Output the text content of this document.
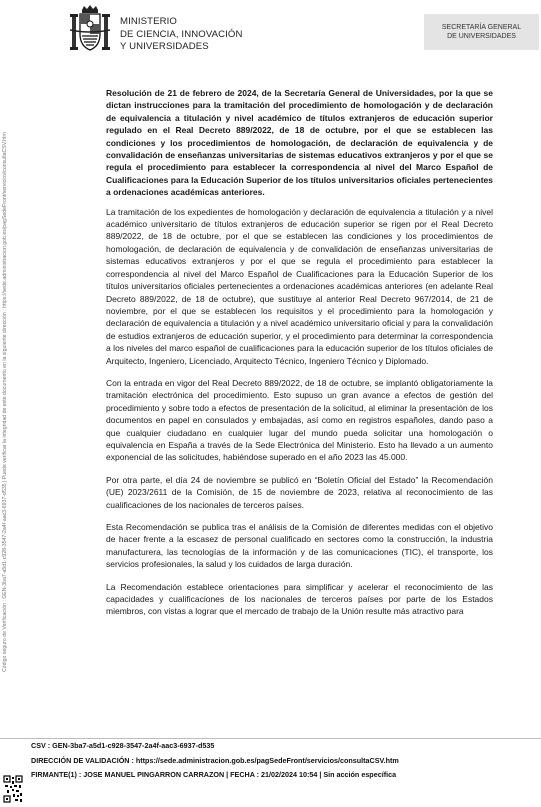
Código seguro de Verificación : GEN-3ba7-a5d1-c928-3547-2a4f-aac3-6937-d535 | Puede verificar la integridad de este documento en la siguiente dirección : https://sede.administracion.gob.es/pagSedeFront/servicios/consultaCSV.htm
MINISTERIO
DE CIENCIA, INNOVACIÓN
Y UNIVERSIDADES
SECRETARÍA GENERAL
DE UNIVERSIDADES

Resolución de 21 de febrero de 2024, de la Secretaría General de Universidades, por la que se dictan instrucciones para la tramitación del procedimiento de homologación y de declaración de equivalencia a titulación y nivel académico de títulos extranjeros de educación superior regulado en el Real Decreto 889/2022, de 18 de octubre, por el que se establecen las condiciones y los procedimientos de homologación, de declaración de equivalencia y de convalidación de enseñanzas universitarias de sistemas educativos extranjeros y por el que se regula el procedimiento para establecer la correspondencia al nivel del Marco Español de Cualificaciones para la Educación Superior de los títulos universitarios oficiales pertenecientes a ordenaciones académicas anteriores.

La tramitación de los expedientes de homologación y declaración de equivalencia a titulación y a nivel académico universitario de títulos extranjeros de educación superior se rigen por el Real Decreto 889/2022, de 18 de octubre, por el que se establecen las condiciones y los procedimientos de homologación, de declaración de equivalencia y de convalidación de enseñanzas universitarias de sistemas educativos extranjeros y por el que se regula el procedimiento para establecer la correspondencia al nivel del Marco Español de Cualificaciones para la Educación Superior de los títulos universitarios oficiales pertenecientes a ordenaciones académicas anteriores (en adelante Real Decreto 889/2022, de 18 de octubre), que sustituye al anterior Real Decreto 967/2014, de 21 de noviembre, por el que se establecen los requisitos y el procedimiento para la homologación y declaración de equivalencia a titulación y a nivel académico universitario oficial y para la convalidación de estudios extranjeros de educación superior, y el procedimiento para determinar la correspondencia a los niveles del marco español de cualificaciones para la educación superior de los títulos oficiales de Arquitecto, Ingeniero, Licenciado, Arquitecto Técnico, Ingeniero Técnico y Diplomado.

Con la entrada en vigor del Real Decreto 889/2022, de 18 de octubre, se implantó obligatoriamente la tramitación electrónica del procedimiento. Esto supuso un gran avance a efectos de gestión del procedimiento y sobre todo a efectos de presentación de la solicitud, al eliminar la presentación de los documentos en papel en consulados y embajadas, así como en registros españoles, dando paso a que cualquier ciudadano en cualquier lugar del mundo pueda solicitar una homologación o equivalencia en España a través de la Sede Electrónica del Ministerio. Esto ha llevado a un aumento exponencial de las solicitudes, habiéndose superado en el año 2023 las 45.000.

Por otra parte, el día 24 de noviembre se publicó en “Boletín Oficial del Estado” la Recomendación (UE) 2023/2611 de la Comisión, de 15 de noviembre de 2023, relativa al reconocimiento de las cualificaciones de los nacionales de terceros países.

Esta Recomendación se publica tras el análisis de la Comisión de diferentes medidas con el objetivo de hacer frente a la escasez de personal cualificado en sectores como la construcción, la industria manufacturera, las tecnologías de la información y de las comunicaciones (TIC), el transporte, los servicios profesionales, la salud y los cuidados de larga duración.

La Recomendación establece orientaciones para simplificar y acelerar el reconocimiento de las capacidades y cualificaciones de los nacionales de terceros países por parte de los Estados miembros, con vistas a lograr que el mercado de trabajo de la Unión resulte más atractivo para

CSV : GEN-3ba7-a5d1-c928-3547-2a4f-aac3-6937-d535
DIRECCIÓN DE VALIDACIÓN : https://sede.administracion.gob.es/pagSedeFront/servicios/consultaCSV.htm
FIRMANTE(1) : JOSE MANUEL PINGARRON CARRAZON | FECHA : 21/02/2024 10:54 | Sin acción específica
